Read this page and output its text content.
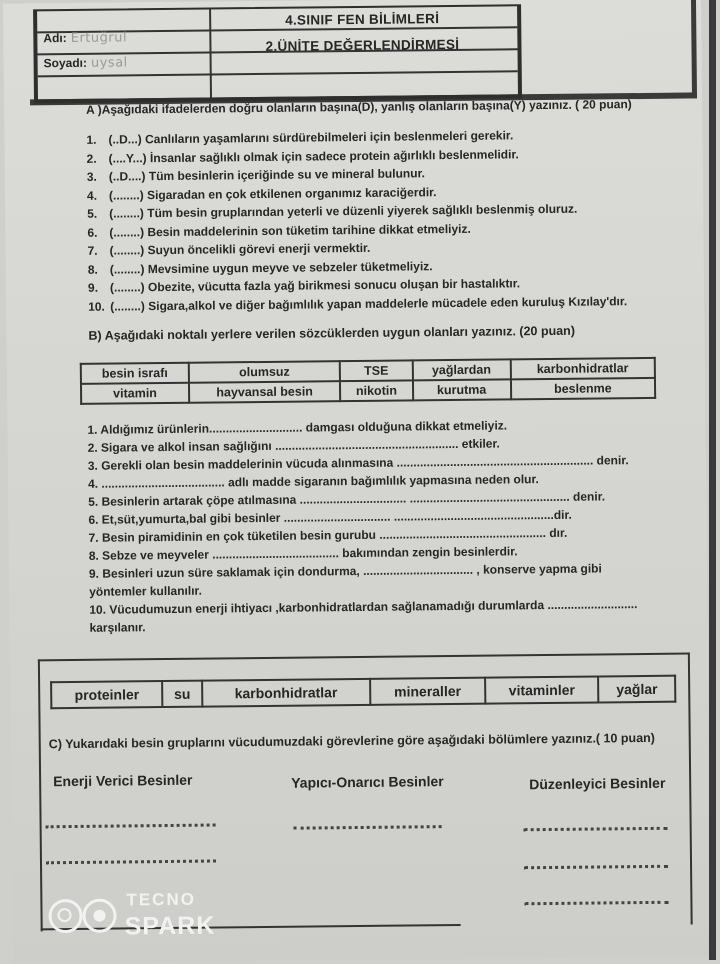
Adı: Ertuğrul
Soyadı: uysal
4.SINIF FEN BİLİMLERİ
2.ÜNİTE DEĞERLENDİRMESİ
A )Aşağıdaki ifadelerden doğru olanların başına(D), yanlış olanların başına(Y) yazınız. ( 20 puan)
1. (..D...) Canlıların yaşamlarını sürdürebilmeleri için beslenmeleri gerekir.
2. (....Y...) İnsanlar sağlıklı olmak için sadece protein ağırlıklı beslenmelidir.
3. (..D....) Tüm besinlerin içeriğinde su ve mineral bulunur.
4. (........) Sigaradan en çok etkilenen organımız karaciğerdir.
5. (........) Tüm besin gruplarından yeterli ve düzenli yiyerek sağlıklı beslenmiş oluruz.
6. (........) Besin maddelerinin son tüketim tarihine dikkat etmeliyiz.
7. (........) Suyun öncelikli görevi enerji vermektir.
8. (........) Mevsimine uygun meyve ve sebzeler tüketmeliyiz.
9. (........) Obezite, vücutta fazla yağ birikmesi sonucu oluşan bir hastalıktır.
10. (........) Sigara,alkol ve diğer bağımlılık yapan maddelerle mücadele eden kuruluş Kızılay'dır.
B) Aşağıdaki noktalı yerlere verilen sözcüklerden uygun olanları yazınız. (20 puan)
besin israfı	olumsuz	TSE	yağlardan	karbonhidratlar
vitamin	hayvansal besin	nikotin	kurutma	beslenme
1. Aldığımız ürünlerin............................ damgası olduğuna dikkat etmeliyiz.
2. Sigara ve alkol insan sağlığını ....................................................... etkiler.
3. Gerekli olan besin maddelerinin vücuda alınmasına ........................................................... denir.
4. ..................................... adlı madde sigaranın bağımlılık yapmasına neden olur.
5. Besinlerin artarak çöpe atılmasına ................................ ................................................ denir.
6. Et,süt,yumurta,bal gibi besinler ................................ ................................................dir.
7. Besin piramidinin en çok tüketilen besin gurubu .................................................. dır.
8. Sebze ve meyveler ...................................... bakımından zengin besinlerdir.
9. Besinleri uzun süre saklamak için dondurma, ................................. , konserve yapma gibi
yöntemler kullanılır.
10. Vücudumuzun enerji ihtiyacı ,karbonhidratlardan sağlanamadığı durumlarda ...........................
karşılanır.
proteinler	su	karbonhidratlar	mineraller	vitaminler	yağlar
C) Yukarıdaki besin gruplarını vücudumuzdaki görevlerine göre aşağıdaki bölümlere yazınız.( 10 puan)
Enerji Verici Besinler	Yapıcı-Onarıcı Besinler	Düzenleyici Besinler
TECNO
SPARK
